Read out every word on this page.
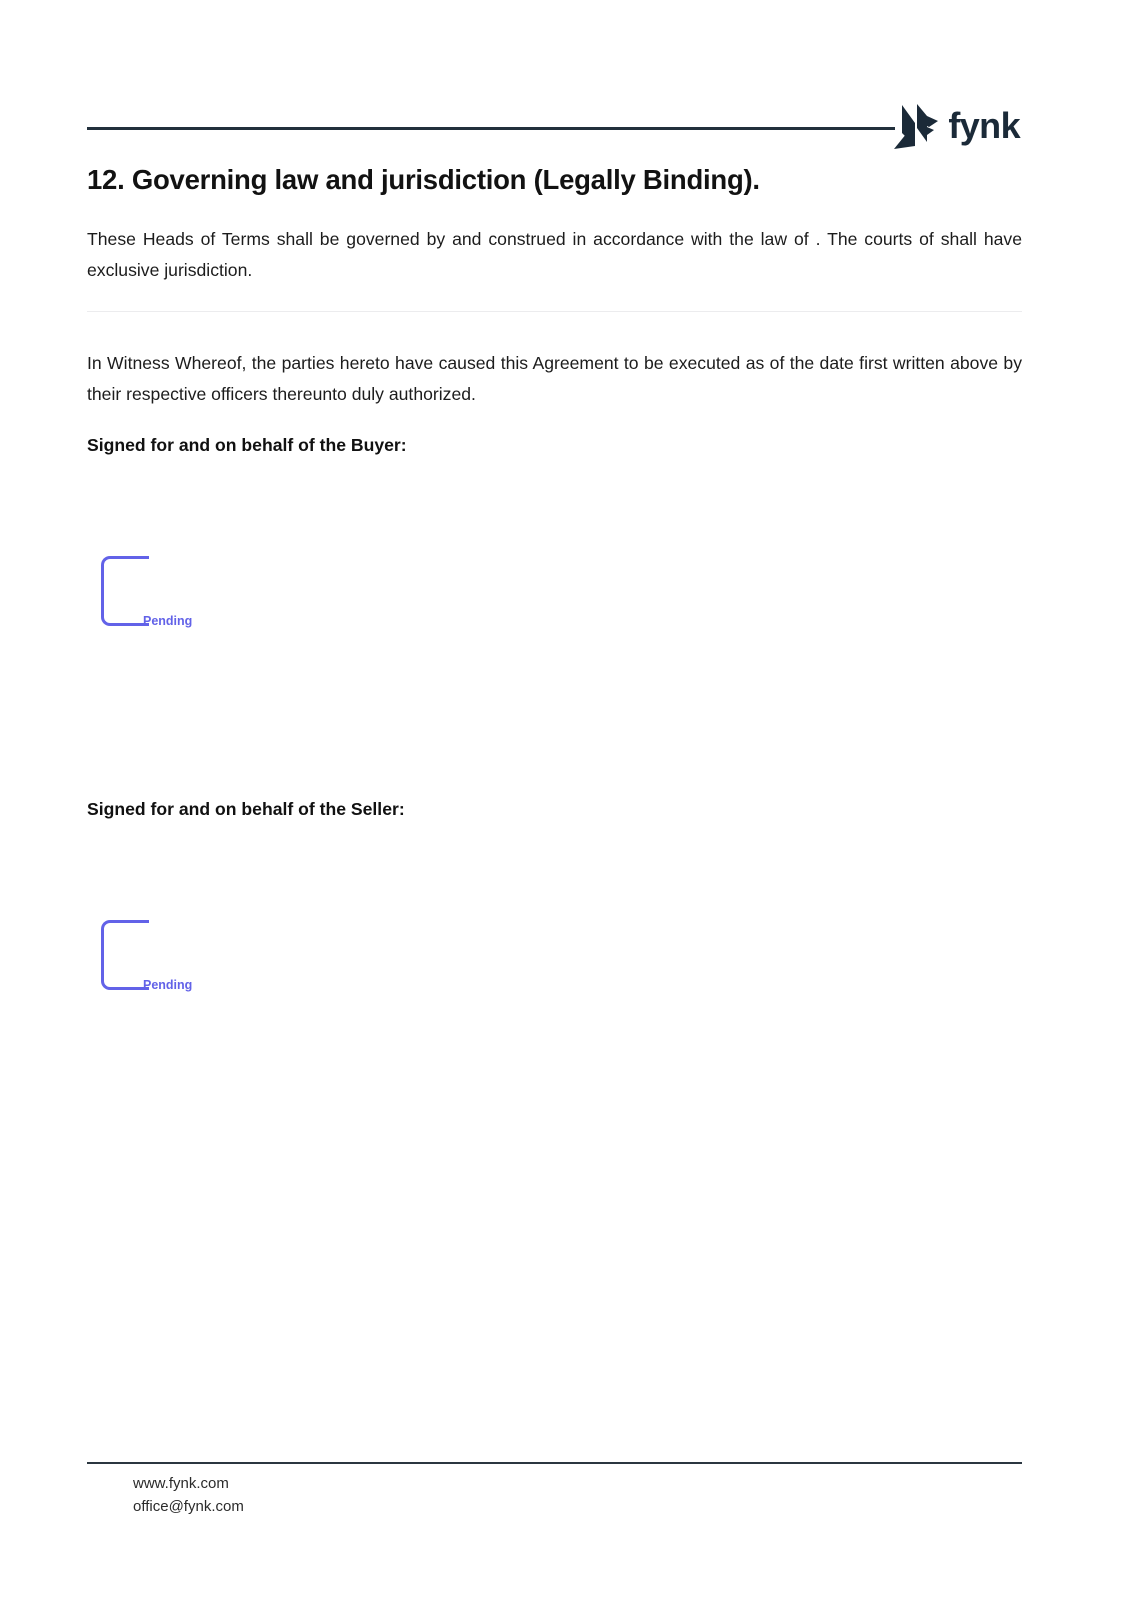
fynk
12. Governing law and jurisdiction (Legally Binding).

These Heads of Terms shall be governed by and construed in accordance with the law of . The courts of shall have exclusive jurisdiction.

In Witness Whereof, the parties hereto have caused this Agreement to be executed as of the date first written above by their respective officers thereunto duly authorized.

Signed for and on behalf of the Buyer:

Pending

Signed for and on behalf of the Seller:

Pending
www.fynk.com
office@fynk.com
